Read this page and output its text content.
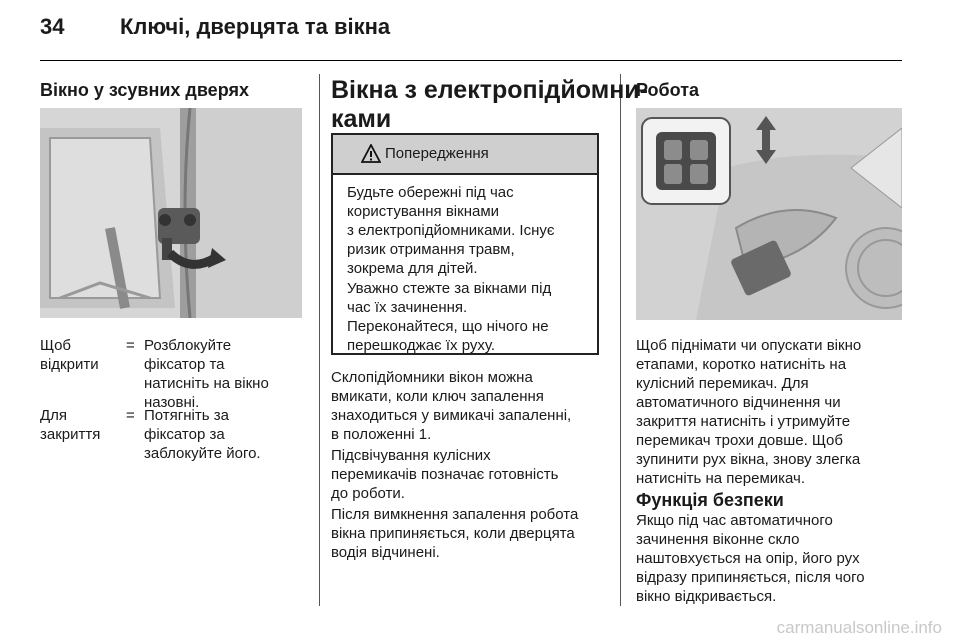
34	Ключі, дверцята та вікна
Вікно у зсувних дверях
Щоб
відкрити
= Розблокуйте
фіксатор та
натисніть на вікно
назовні.
Для
закриття
= Потягніть за
фіксатор за
заблокуйте його.
Вікна з електропідйомни-
ками
Попередження
Будьте обережні під час
користування вікнами
з електропідйомниками. Існує
ризик отримання травм,
зокрема для дітей.
Уважно стежте за вікнами під
час їх зачинення.
Переконайтеся, що нічого не
перешкоджає їх руху.
Склопідйомники вікон можна
вмикати, коли ключ запалення
знаходиться у вимикачі запаленні,
в положенні 1.
Підсвічування кулісних
перемикачів позначає готовність
до роботи.
Після вимкнення запалення робота
вікна припиняється, коли дверцята
водія відчинені.
Робота
Щоб піднімати чи опускати вікно
етапами, коротко натисніть на
кулісний перемикач. Для
автоматичного відчинення чи
закриття натисніть і утримуйте
перемикач трохи довше. Щоб
зупинити рух вікна, знову злегка
натисніть на перемикач.
Функція безпеки
Якщо під час автоматичного
зачинення віконне скло
наштовхується на опір, його рух
відразу припиняється, після чого
вікно відкривається.
carmanualsonline.info
